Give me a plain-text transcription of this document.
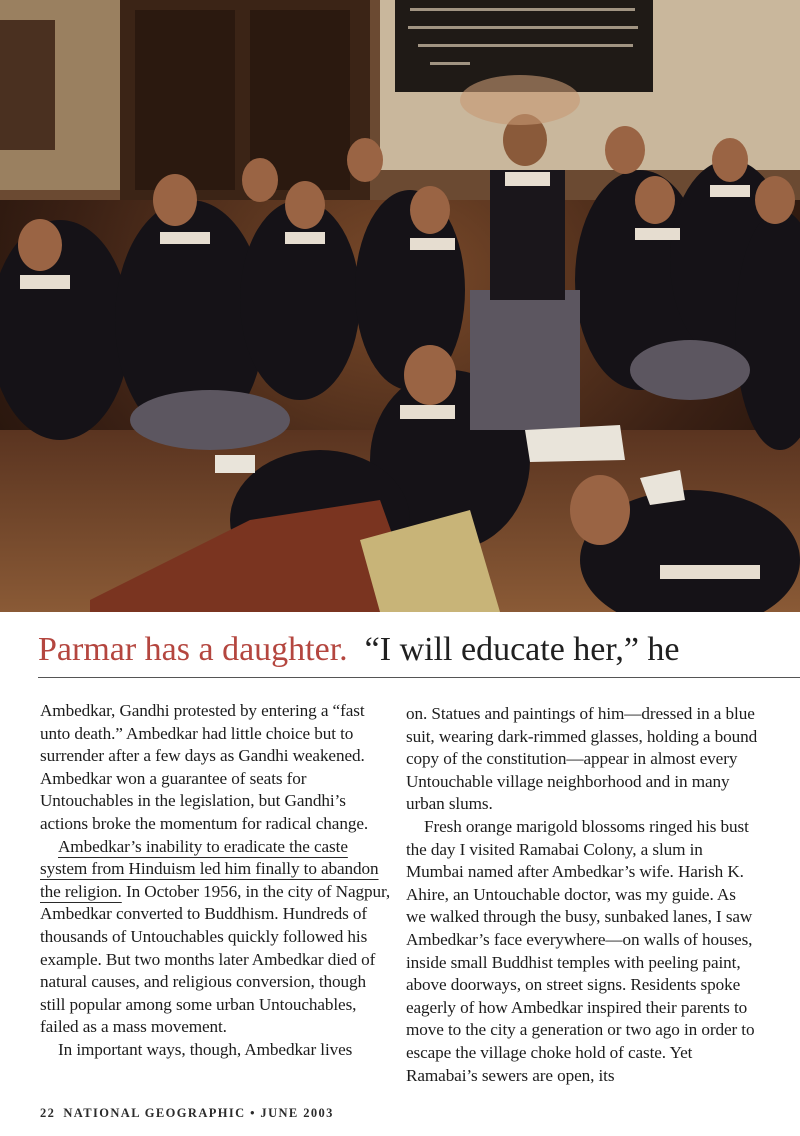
Parmar has a daughter. “I will educate her,” he

Ambedkar, Gandhi protested by entering a “fast unto death.” Ambedkar had little choice but to surrender after a few days as Gandhi weakened. Ambedkar won a guarantee of seats for Untouchables in the legislation, but Gandhi’s actions broke the momentum for radical change.

Ambedkar’s inability to eradicate the caste system from Hinduism led him finally to abandon the religion. In October 1956, in the city of Nagpur, Ambedkar converted to Buddhism. Hundreds of thousands of Untouchables quickly followed his example. But two months later Ambedkar died of natural causes, and religious conversion, though still popular among some urban Untouchables, failed as a mass movement.

In important ways, though, Ambedkar lives

on. Statues and paintings of him—dressed in a blue suit, wearing dark-rimmed glasses, holding a bound copy of the constitution—appear in almost every Untouchable village neighborhood and in many urban slums.

Fresh orange marigold blossoms ringed his bust the day I visited Ramabai Colony, a slum in Mumbai named after Ambedkar’s wife. Harish K. Ahire, an Untouchable doctor, was my guide. As we walked through the busy, sunbaked lanes, I saw Ambedkar’s face everywhere—on walls of houses, inside small Buddhist temples with peeling paint, above doorways, on street signs. Residents spoke eagerly of how Ambedkar inspired their parents to move to the city a generation or two ago in order to escape the village choke hold of caste. Yet Ramabai’s sewers are open, its

22 NATIONAL GEOGRAPHIC • JUNE 2003
